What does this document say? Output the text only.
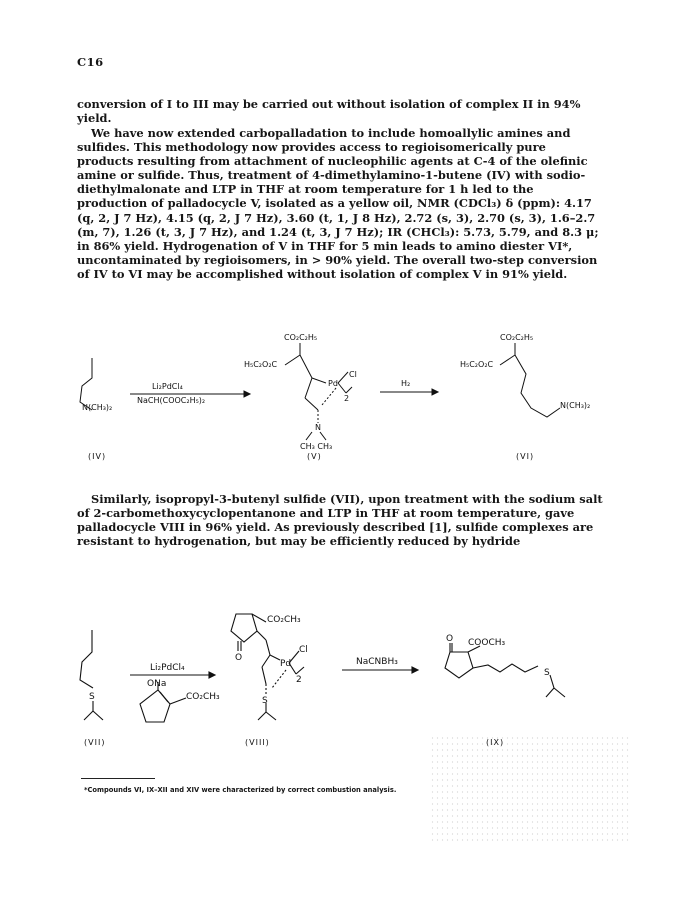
C16

conversion of I to III may be carried out without isolation of complex II in 94% yield.

We have now extended carbopalladation to include homoallylic amines and sulfides. This methodology now provides access to regioisomerically pure products resulting from attachment of nucleophilic agents at C-4 of the olefinic amine or sulfide. Thus, treatment of 4-dimethylamino-1-butene (IV) with sodio-diethylmalonate and LTP in THF at room temperature for 1 h led to the production of palladocycle V, isolated as a yellow oil, NMR (CDCl₃) δ (ppm): 4.17 (q, 2, J 7 Hz), 4.15 (q, 2, J 7 Hz), 3.60 (t, 1, J 8 Hz), 2.72 (s, 3), 2.70 (s, 3), 1.6–2.7 (m, 7), 1.26 (t, 3, J 7 Hz), and 1.24 (t, 3, J 7 Hz); IR (CHCl₃): 5.73, 5.79, and 8.3 μ; in 86% yield. Hydrogenation of V in THF for 5 min leads to amino diester VI*, uncontaminated by regioisomers, in > 90% yield. The overall two-step conversion of IV to VI may be accomplished without isolation of complex V in 91% yield.

Similarly, isopropyl-3-butenyl sulfide (VII), upon treatment with the sodium salt of 2-carbomethoxycyclopentanone and LTP in THF at room temperature, gave palladocycle VIII in 96% yield. As previously described [1], sulfide complexes are resistant to hydrogenation, but may be efficiently reduced by hydride

N(CH₃)₂
Li₂PdCl₄
NaCH(COOC₂H₅)₂
CO₂C₂H₅
H₅C₂O₂C
Pd
Cl
2
N
CH₃ CH₃
H₂
CO₂C₂H₅
H₅C₂O₂C
N(CH₃)₂
(IV)	(V)	(VI)
S
Li₂PdCl₄
ONa
CO₂CH₃
CO₂CH₃
O
Pd
Cl
2
S
NaCNBH₃
O COOCH₃
S
(VII)	(VIII)	(IX)
*Compounds VI, IX–XII and XIV were characterized by correct combustion analysis.
